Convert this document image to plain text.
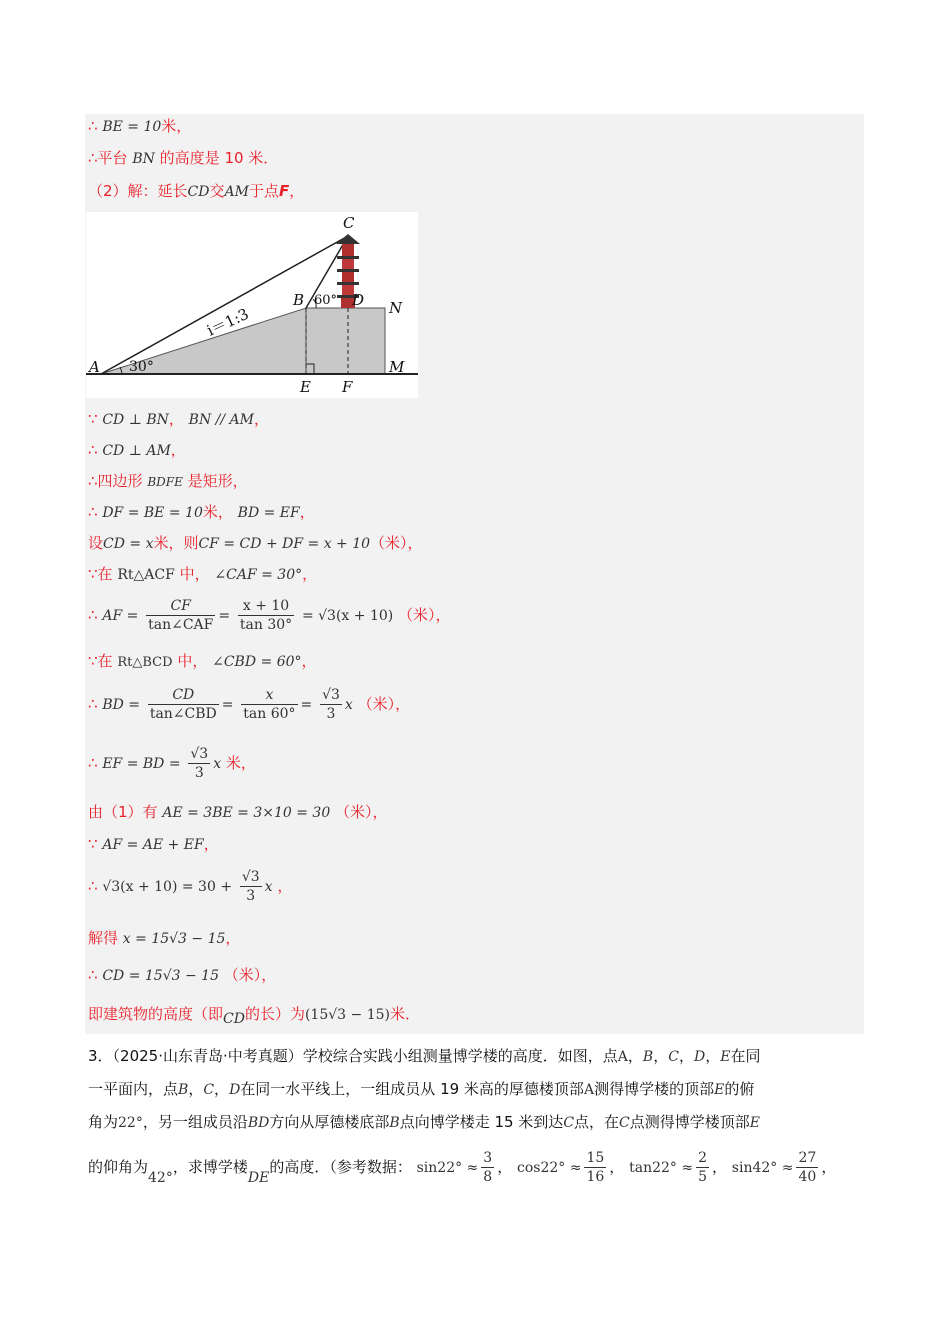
∴ BE = 10米，
∴平台 BN 的高度是 10 米．
（2）解：延长CD交AM于点F，
C
B	D N
A	M
E F
i＝1:3
30°
60°
∵ CD ⊥ BN， BN // AM，
∴ CD ⊥ AM，
∴四边形 BDFE 是矩形，
∴ DF = BE = 10米， BD = EF，
设CD = x米，则CF = CD + DF = x + 10（米），
∵在 Rt△ACF 中， ∠CAF = 30°，
∴ AF = $\frac{CF}{\text{tan∠CAF}} = \frac{x + 10}{\tan 30^\circ} = √3(x + 10)$ （米），
∵在 Rt△BCD 中， ∠CBD = 60°，
∴ BD = $\frac{CD}{\text{tan∠CBD}} = \frac{x}{\tan 60^\circ} = \frac{√3}{3}$ x （米），
∴ EF = BD = $\frac{√3}{3}$ x 米，
由（1）有 AE = 3BE = 3×10 = 30 （米），
∵ AF = AE + EF，
∴ $√3(x + 10) = 30 + \frac{√3}{3}$ x ，
解得 x = 15√3 − 15，
∴ CD = 15√3 − 15 （米），
即建筑物的高度（即CD的长）为(15√3 − 15)米．
3．（2025·山东青岛·中考真题）学校综合实践小组测量博学楼的高度．如图，点A，B，C，D，E在同
一平面内，点B，C，D在同一水平线上，一组成员从 19 米高的厚德楼顶部A测得博学楼的顶部E的俯
角为22°，另一组成员沿BD方向从厚德楼底部B点向博学楼走 15 米到达C点，在C点测得博学楼顶部E
的仰角为42°，求博学楼DE的高度．（参考数据： $\sin 22^\circ \approx \frac{3}{8}$ ， $\cos 22^\circ \approx \frac{15}{16}$ ， $\tan 22^\circ \approx \frac{2}{5}$ ， $\sin 42^\circ \approx \frac{27}{40}$ ，
